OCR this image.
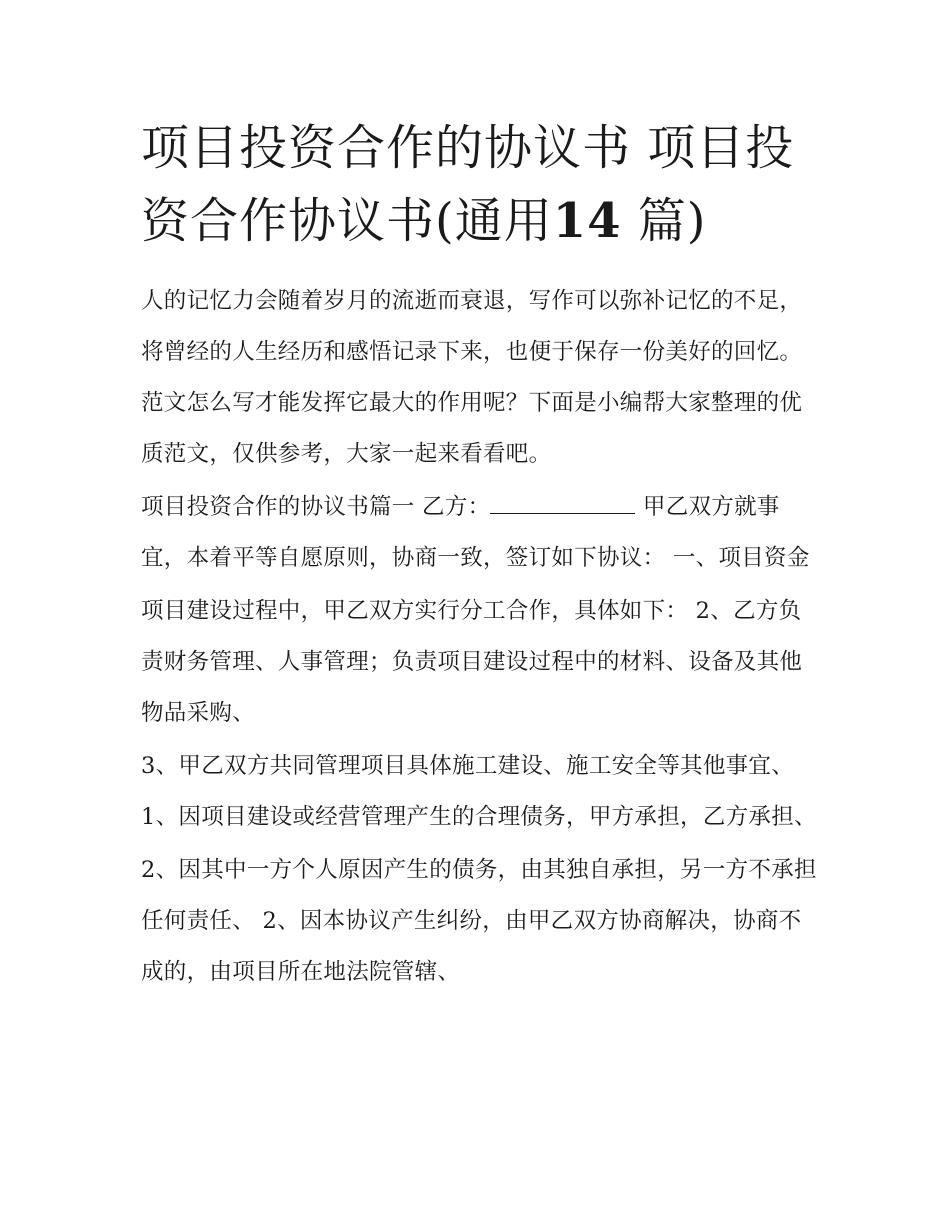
项目投资合作的协议书 项目投资合作协议书(通用14 篇)

人的记忆力会随着岁月的流逝而衰退，写作可以弥补记忆的不足，将曾经的人生经历和感悟记录下来，也便于保存一份美好的回忆。范文怎么写才能发挥它最大的作用呢？下面是小编帮大家整理的优质范文，仅供参考，大家一起来看看吧。

项目投资合作的协议书篇一 乙方：	甲乙双方就事宜，本着平等自愿原则，协商一致，签订如下协议： 一、项目资金

项目建设过程中，甲乙双方实行分工合作，具体如下： 2、乙方负责财务管理、人事管理；负责项目建设过程中的材料、设备及其他物品采购、

3、甲乙双方共同管理项目具体施工建设、施工安全等其他事宜、 1、因项目建设或经营管理产生的合理债务，甲方承担，乙方承担、

2、因其中一方个人原因产生的债务，由其独自承担，另一方不承担任何责任、 2、因本协议产生纠纷，由甲乙双方协商解决，协商不成的，由项目所在地法院管辖、
